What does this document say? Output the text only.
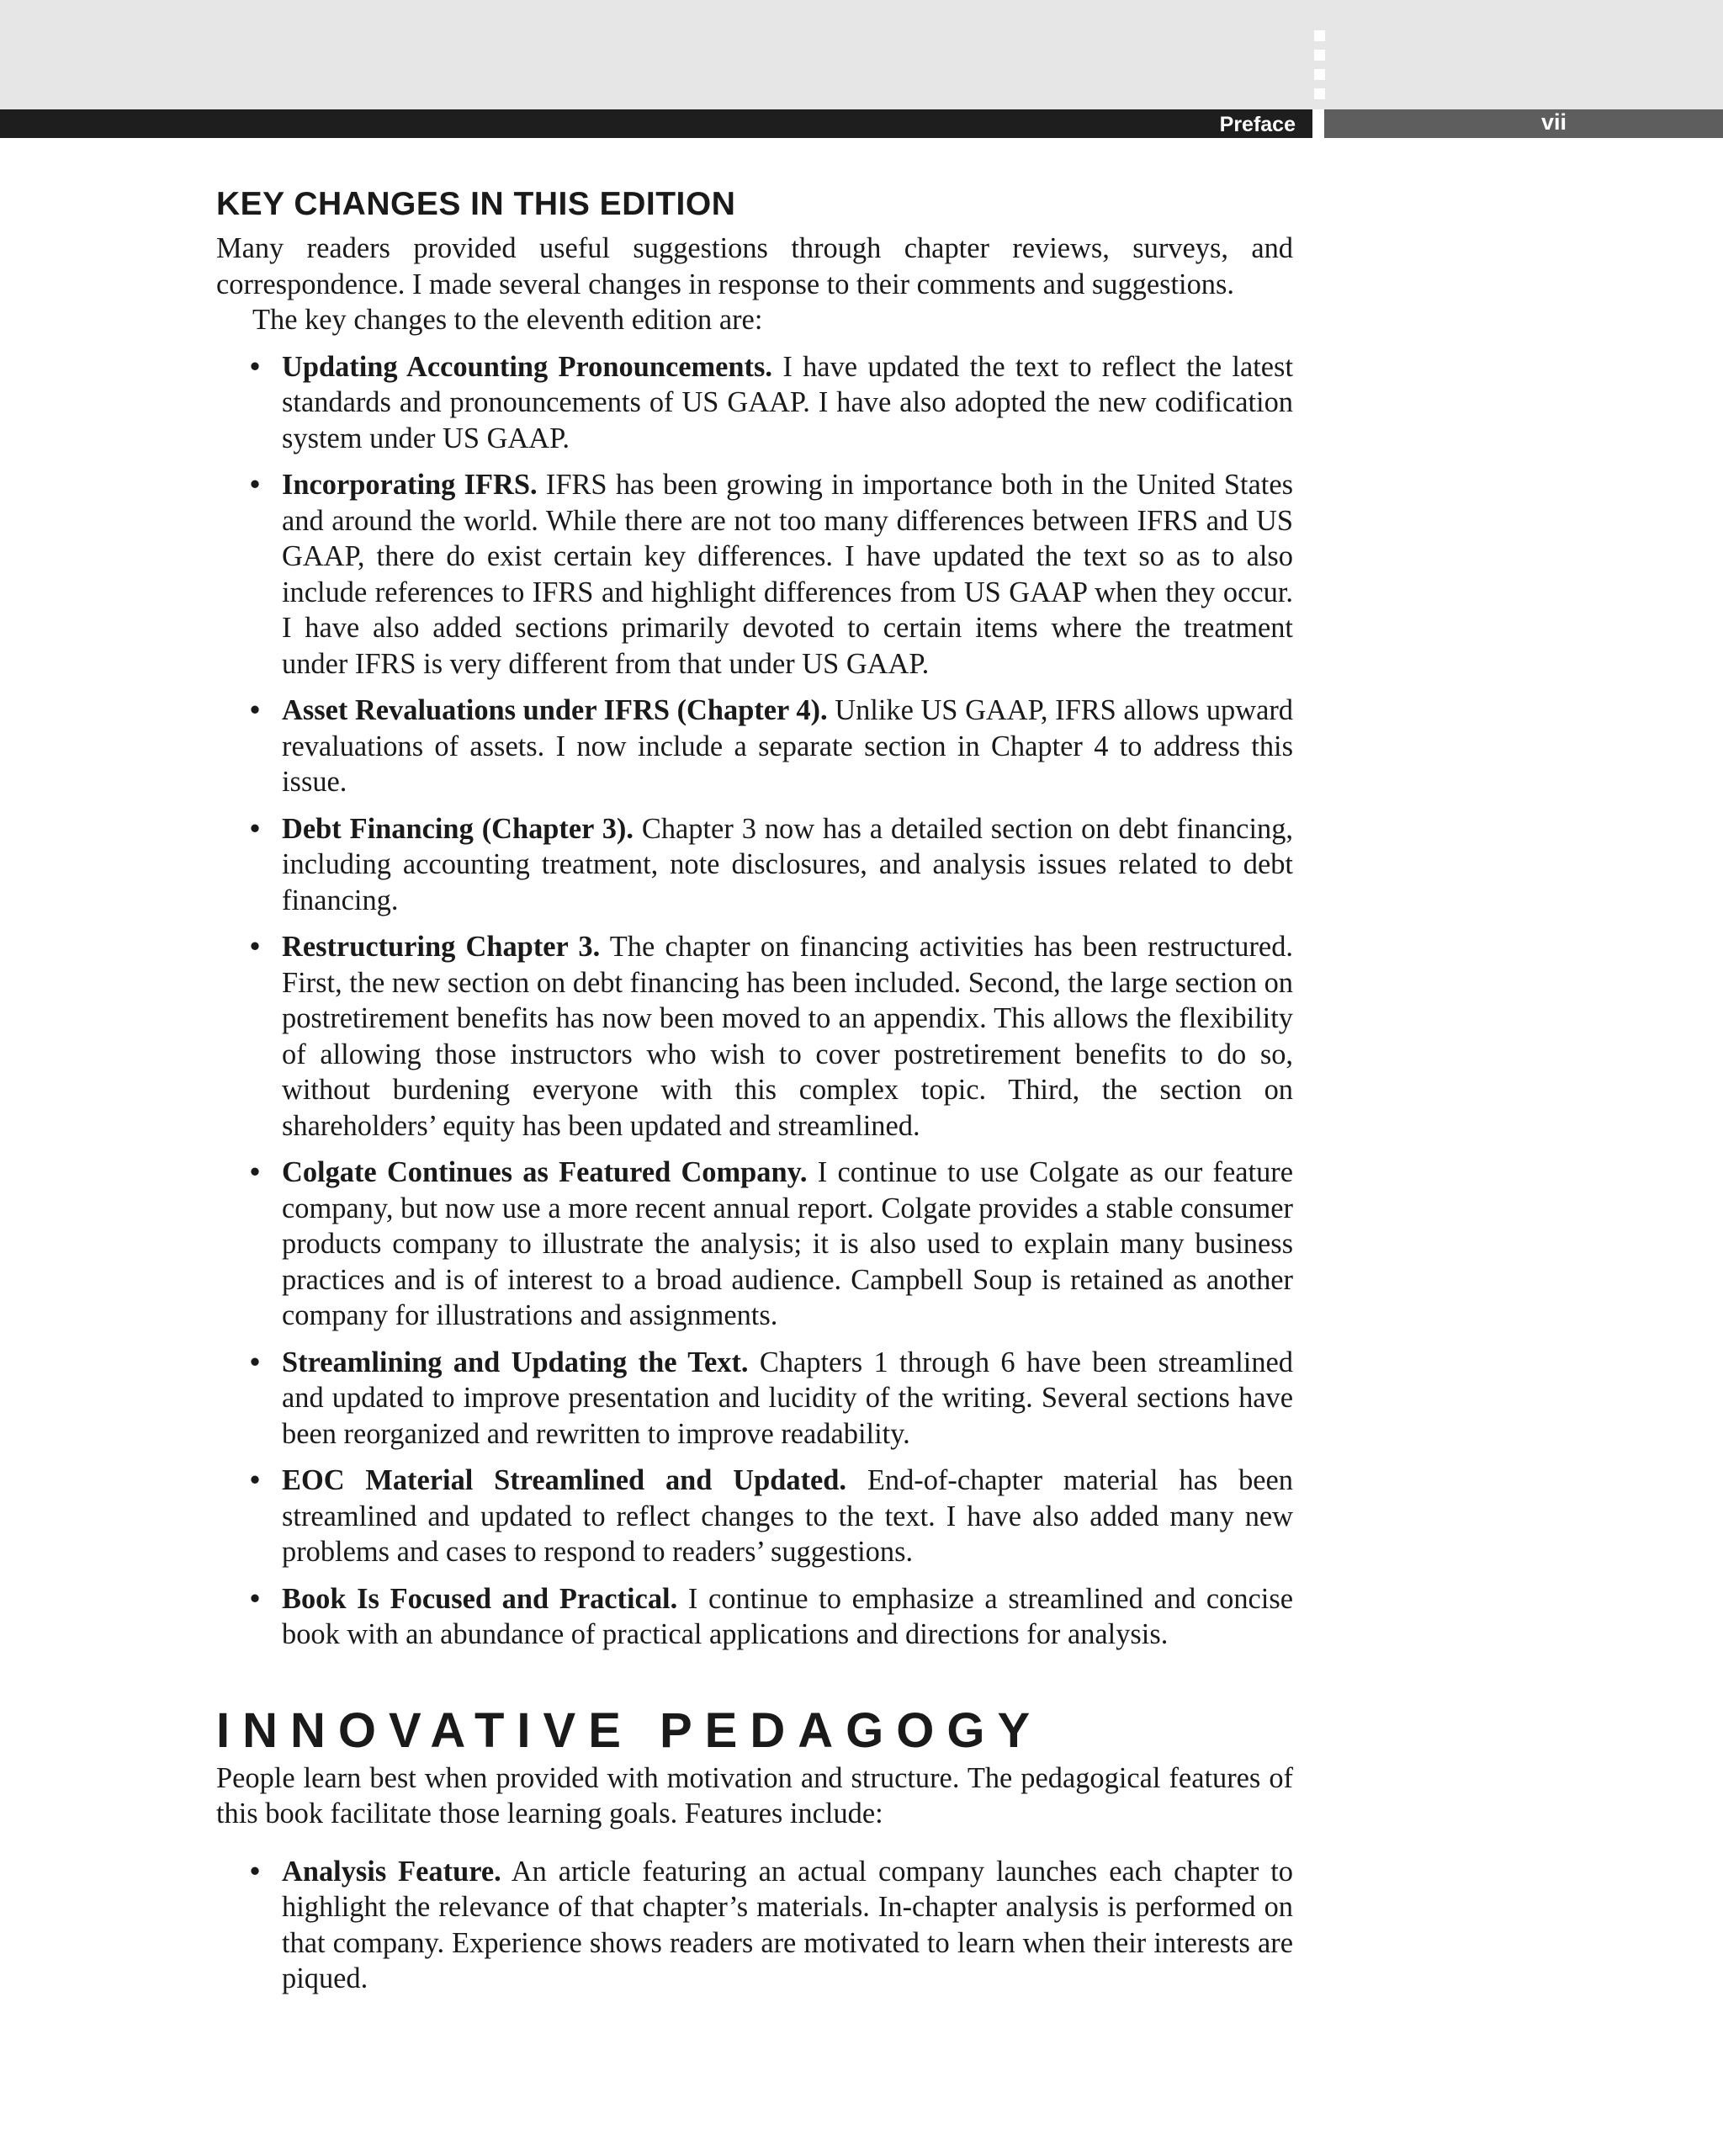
Preface	vii
KEY CHANGES IN THIS EDITION

Many readers provided useful suggestions through chapter reviews, surveys, and correspondence. I made several changes in response to their comments and suggestions.

The key changes to the eleventh edition are:

• Updating Accounting Pronouncements. I have updated the text to reflect the latest standards and pronouncements of US GAAP. I have also adopted the new codification system under US GAAP.
• Incorporating IFRS. IFRS has been growing in importance both in the United States and around the world. While there are not too many differences between IFRS and US GAAP, there do exist certain key differences. I have updated the text so as to also include references to IFRS and highlight differences from US GAAP when they occur. I have also added sections primarily devoted to certain items where the treatment under IFRS is very different from that under US GAAP.
• Asset Revaluations under IFRS (Chapter 4). Unlike US GAAP, IFRS allows upward revaluations of assets. I now include a separate section in Chapter 4 to address this issue.
• Debt Financing (Chapter 3). Chapter 3 now has a detailed section on debt financing, including accounting treatment, note disclosures, and analysis issues related to debt financing.
• Restructuring Chapter 3. The chapter on financing activities has been restructured. First, the new section on debt financing has been included. Second, the large section on postretirement benefits has now been moved to an appendix. This allows the flexibility of allowing those instructors who wish to cover postretirement benefits to do so, without burdening everyone with this complex topic. Third, the section on shareholders’ equity has been updated and streamlined.
• Colgate Continues as Featured Company. I continue to use Colgate as our feature company, but now use a more recent annual report. Colgate provides a stable consumer products company to illustrate the analysis; it is also used to explain many business practices and is of interest to a broad audience. Campbell Soup is retained as another company for illustrations and assignments.
• Streamlining and Updating the Text. Chapters 1 through 6 have been streamlined and updated to improve presentation and lucidity of the writing. Several sections have been reorganized and rewritten to improve readability.
• EOC Material Streamlined and Updated. End-of-chapter material has been streamlined and updated to reflect changes to the text. I have also added many new problems and cases to respond to readers’ suggestions.
• Book Is Focused and Practical. I continue to emphasize a streamlined and concise book with an abundance of practical applications and directions for analysis.
INNOVATIVE PEDAGOGY

People learn best when provided with motivation and structure. The pedagogical features of this book facilitate those learning goals. Features include:

• Analysis Feature. An article featuring an actual company launches each chapter to highlight the relevance of that chapter’s materials. In-chapter analysis is performed on that company. Experience shows readers are motivated to learn when their interests are piqued.
